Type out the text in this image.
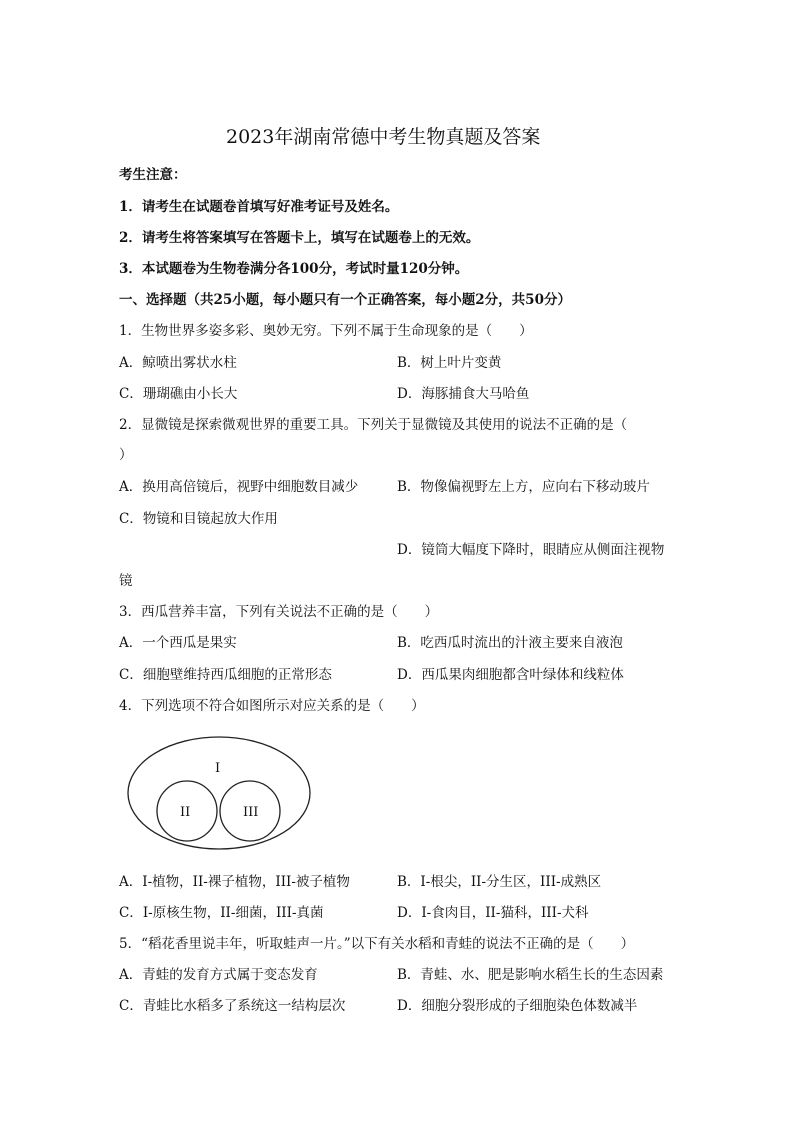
2023年湖南常德中考生物真题及答案
考生注意：
1．请考生在试题卷首填写好准考证号及姓名。
2．请考生将答案填写在答题卡上，填写在试题卷上的无效。
3．本试题卷为生物卷满分各100分，考试时量120分钟。
一、选择题（共25小题，每小题只有一个正确答案，每小题2分，共50分）
1．生物世界多姿多彩、奥妙无穷。下列不属于生命现象的是（　　）
A．鲸喷出雾状水柱	B．树上叶片变黄
C．珊瑚礁由小长大	D．海豚捕食大马哈鱼
2．显微镜是探索微观世界的重要工具。下列关于显微镜及其使用的说法不正确的是（
）
A．换用高倍镜后，视野中细胞数目减少	B．物像偏视野左上方，应向右下移动玻片
C．物镜和目镜起放大作用
D．镜筒大幅度下降时，眼睛应从侧面注视物
镜
3．西瓜营养丰富，下列有关说法不正确的是（　　）
A．一个西瓜是果实	B．吃西瓜时流出的汁液主要来自液泡
C．细胞壁维持西瓜细胞的正常形态	D．西瓜果肉细胞都含叶绿体和线粒体
4．下列选项不符合如图所示对应关系的是（　　）
I
II	III
A．I-植物，II-裸子植物，III-被子植物	B．I-根尖，II-分生区，III-成熟区
C．I-原核生物，II-细菌，III-真菌	D．I-食肉目，II-猫科，III-犬科
5．“稻花香里说丰年，听取蛙声一片。”以下有关水稻和青蛙的说法不正确的是（　　）
A．青蛙的发育方式属于变态发育	B．青蛙、水、肥是影响水稻生长的生态因素
C．青蛙比水稻多了系统这一结构层次	D．细胞分裂形成的子细胞染色体数减半
